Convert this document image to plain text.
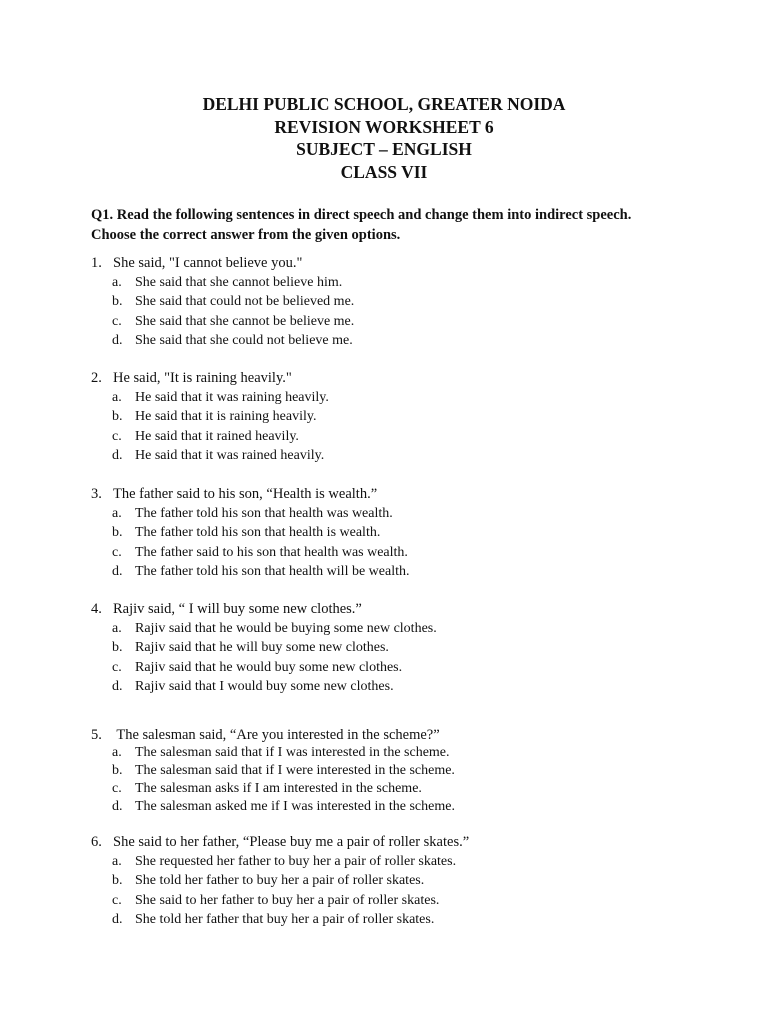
DELHI PUBLIC SCHOOL, GREATER NOIDA
REVISION WORKSHEET 6
SUBJECT – ENGLISH
CLASS VII
Q1. Read the following sentences in direct speech and change them into indirect speech.
Choose the correct answer from the given options.
1. She said, "I cannot believe you."
a. She said that she cannot believe him.
b. She said that could not be believed me.
c. She said that she cannot be believe me.
d. She said that she could not believe me.
2. He said, "It is raining heavily."
a. He said that it was raining heavily.
b. He said that it is raining heavily.
c. He said that it rained heavily.
d. He said that it was rained heavily.
3. The father said to his son, “Health is wealth.”
a. The father told his son that health was wealth.
b. The father told his son that health is wealth.
c. The father said to his son that health was wealth.
d. The father told his son that health will be wealth.
4. Rajiv said, “ I will buy some new clothes.”
a. Rajiv said that he would be buying some new clothes.
b. Rajiv said that he will buy some new clothes.
c. Rajiv said that he would buy some new clothes.
d. Rajiv said that I would buy some new clothes.
5. The salesman said, “Are you interested in the scheme?”
a. The salesman said that if I was interested in the scheme.
b. The salesman said that if I were interested in the scheme.
c. The salesman asks if I am interested in the scheme.
d. The salesman asked me if I was interested in the scheme.
6. She said to her father, “Please buy me a pair of roller skates.”
a. She requested her father to buy her a pair of roller skates.
b. She told her father to buy her a pair of roller skates.
c. She said to her father to buy her a pair of roller skates.
d. She told her father that buy her a pair of roller skates.
